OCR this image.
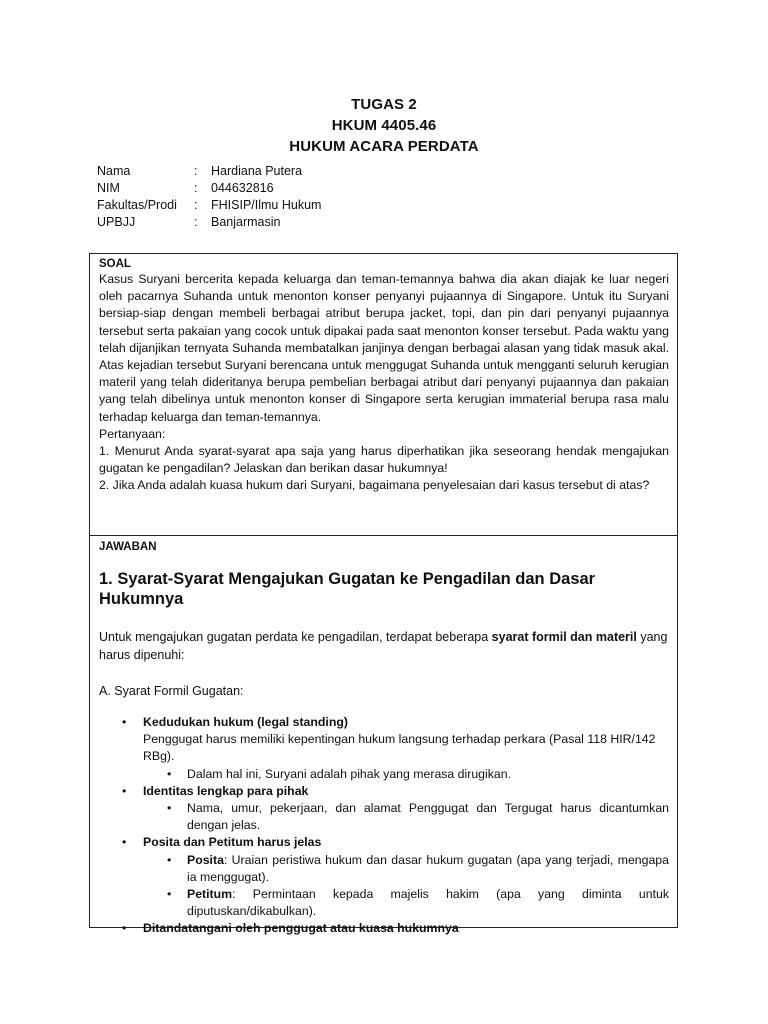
TUGAS 2
HKUM 4405.46
HUKUM ACARA PERDATA
Nama	:	Hardiana Putera
NIM	:	044632816
Fakultas/Prodi	:	FHISIP/Ilmu Hukum
UPBJJ	:	Banjarmasin
SOAL
Kasus Suryani bercerita kepada keluarga dan teman-temannya bahwa dia akan diajak ke luar negeri oleh pacarnya Suhanda untuk menonton konser penyanyi pujaannya di Singapore. Untuk itu Suryani bersiap-siap dengan membeli berbagai atribut berupa jacket, topi, dan pin dari penyanyi pujaannya tersebut serta pakaian yang cocok untuk dipakai pada saat menonton konser tersebut. Pada waktu yang telah dijanjikan ternyata Suhanda membatalkan janjinya dengan berbagai alasan yang tidak masuk akal. Atas kejadian tersebut Suryani berencana untuk menggugat Suhanda untuk mengganti seluruh kerugian materil yang telah dideritanya berupa pembelian berbagai atribut dari penyanyi pujaannya dan pakaian yang telah dibelinya untuk menonton konser di Singapore serta kerugian immaterial berupa rasa malu terhadap keluarga dan teman-temannya.
Pertanyaan:
1. Menurut Anda syarat-syarat apa saja yang harus diperhatikan jika seseorang hendak mengajukan gugatan ke pengadilan? Jelaskan dan berikan dasar hukumnya!
2. Jika Anda adalah kuasa hukum dari Suryani, bagaimana penyelesaian dari kasus tersebut di atas?
JAWABAN
1. Syarat-Syarat Mengajukan Gugatan ke Pengadilan dan Dasar Hukumnya
Untuk mengajukan gugatan perdata ke pengadilan, terdapat beberapa syarat formil dan materil yang harus dipenuhi:
A. Syarat Formil Gugatan:
• Kedudukan hukum (legal standing)
Penggugat harus memiliki kepentingan hukum langsung terhadap perkara (Pasal 118 HIR/142 RBg).
• Dalam hal ini, Suryani adalah pihak yang merasa dirugikan.
• Identitas lengkap para pihak
• Nama, umur, pekerjaan, dan alamat Penggugat dan Tergugat harus dicantumkan dengan jelas.
• Posita dan Petitum harus jelas
• Posita: Uraian peristiwa hukum dan dasar hukum gugatan (apa yang terjadi, mengapa ia menggugat).
• Petitum: Permintaan kepada majelis hakim (apa yang diminta untuk diputuskan/dikabulkan).
• Ditandatangani oleh penggugat atau kuasa hukumnya
